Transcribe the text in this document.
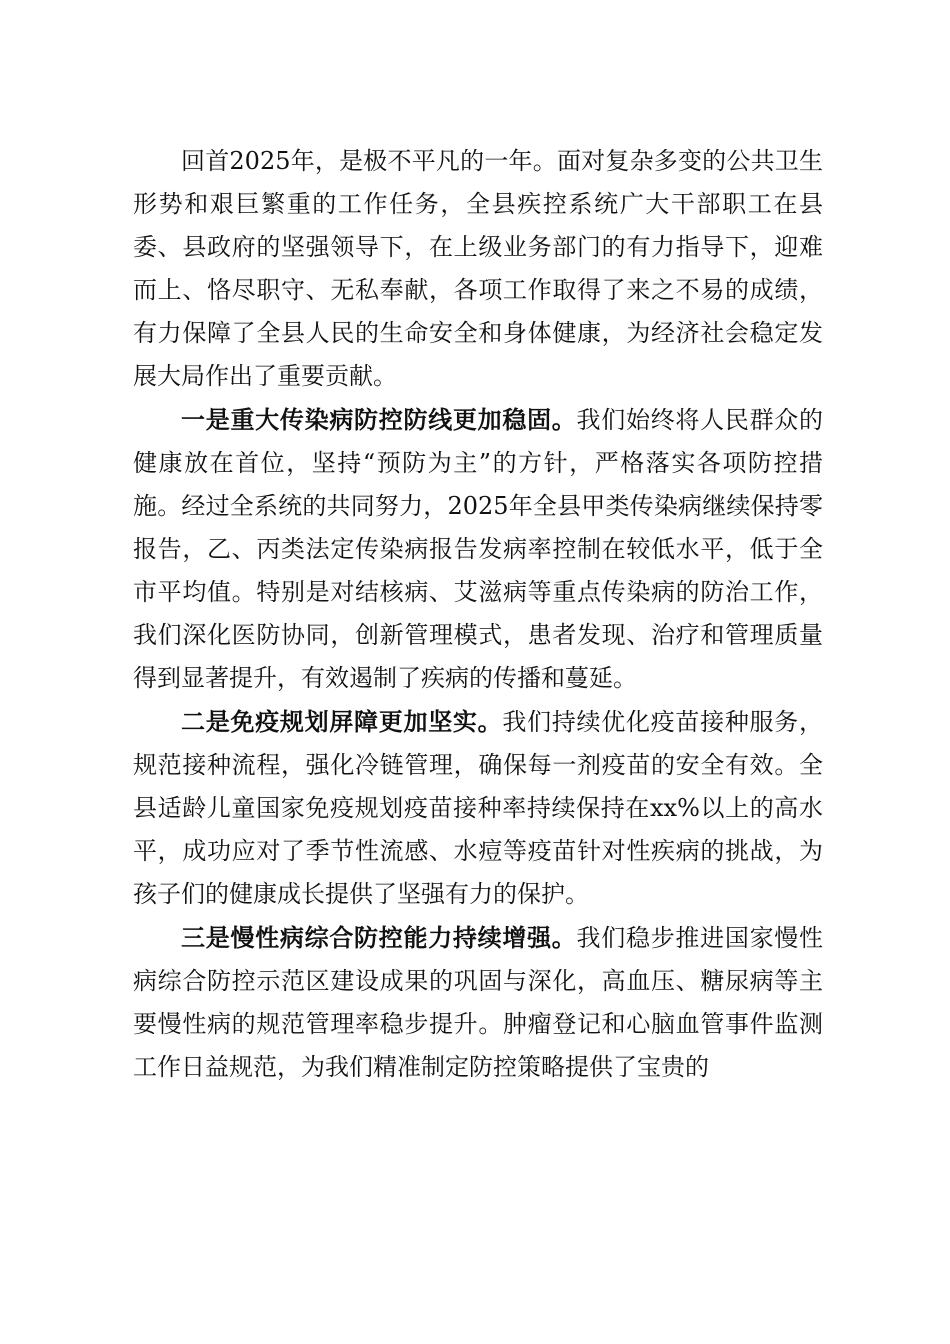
回首2025年，是极不平凡的一年。面对复杂多变的公共卫生形势和艰巨繁重的工作任务，全县疾控系统广大干部职工在县委、县政府的坚强领导下，在上级业务部门的有力指导下，迎难而上、恪尽职守、无私奉献，各项工作取得了来之不易的成绩，有力保障了全县人民的生命安全和身体健康，为经济社会稳定发展大局作出了重要贡献。

一是重大传染病防控防线更加稳固。我们始终将人民群众的健康放在首位，坚持“预防为主”的方针，严格落实各项防控措施。经过全系统的共同努力，2025年全县甲类传染病继续保持零报告，乙、丙类法定传染病报告发病率控制在较低水平，低于全市平均值。特别是对结核病、艾滋病等重点传染病的防治工作，我们深化医防协同，创新管理模式，患者发现、治疗和管理质量得到显著提升，有效遏制了疾病的传播和蔓延。

二是免疫规划屏障更加坚实。我们持续优化疫苗接种服务，规范接种流程，强化冷链管理，确保每一剂疫苗的安全有效。全县适龄儿童国家免疫规划疫苗接种率持续保持在xx%以上的高水平，成功应对了季节性流感、水痘等疫苗针对性疾病的挑战，为孩子们的健康成长提供了坚强有力的保护。

三是慢性病综合防控能力持续增强。我们稳步推进国家慢性病综合防控示范区建设成果的巩固与深化，高血压、糖尿病等主要慢性病的规范管理率稳步提升。肿瘤登记和心脑血管事件监测工作日益规范，为我们精准制定防控策略提供了宝贵的
